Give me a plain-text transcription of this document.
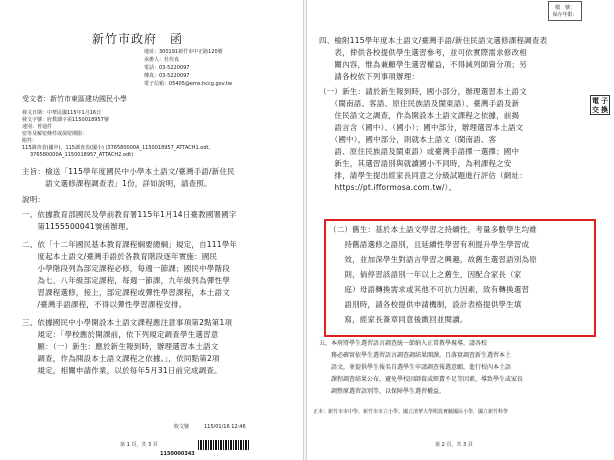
新竹市政府　函
地址：300191新竹市中正路120號
承辦人：杜佳真
電話：03-5220097
傳真：03-5220097
電子信箱：05405@ems.hccg.gov.tw
受文者：新竹市東區建功國民小學
發文日期：中華民國115年1月16日
發文字號：府教課字第1150018957號
速別：普通件
密等及解密條件或保密期限：
附件：
115調查表(國中)、115調查表(國小) (376580000A_1150018957_ATTACH1.odt、
376580000A_1150018957_ATTACH2.odt)
主旨：檢送「115學年度國民中小學本土語文/臺灣手語/新住民
　　　語文選修課程調查表」1份，詳如說明，請查照。
說明：
一、依據教育部國民及學前教育署115年1月14日臺教國署國字
　　第1155500041號函辦理。
二、依「十二年國民基本教育課程綱要總綱」規定，自111學年
　　度起本土語文/臺灣手語於各教育階段逐年實施：國民
　　小學階段列為部定課程必修，每週一節課；國民中學階段
　　為七、八年級部定課程，每週一節課，九年級列為彈性學
　　習課程選修，接上，部定課程或彈性學習課程，本土語文
　　/臺灣手語課程，不得以彈性學習課程安排。
三、依據國民中小學開設本土語文課程應注意事項第2點第1項
　　規定：「學校應於開課前，依下列規定調查學生選習意
　　願：（一）新生：應於新生報到時，辦理選習本土語文
　　調查，作為開設本土語文課程之依據。」，依同點第2項
　　規定，相關申請作業，以於每年5月31日前完成調查。
115/01/16 12:46
收文號
1150000343
第 1 頁，共 3 頁
四、檢附115學年度本土語文/臺灣手語/新住民語文選修課程調查表
　　表，俾供各校提供學生選習參考，並可依實際需求修改相
　　關內容，惟為兼顧學生選習權益，不得減列師資分項；另
　　請各校依下列事項辦理：
（一）新生：請於新生報到時，國小部分，辦理選習本土語文
　　（閩南語、客語、原住民族語及閩東語）、臺灣手語及新
　　住民語文之調查，作為開設本土語文課程之依據，前揭
　　語言含（國中）、（國小）；國中部分，辦理選習本土語文
　　（國中），國中部分，則就本土語文（閩南語、客
　　語、原住民族語及閩東語）或臺灣手語擇一選擇；國中
　　新生，其選習語別與就讀國小不同時，為利課程之安
　　排，請學生提出經家長同意之分級試題進行評估（網址：
　　https://pt.ifformosa.com.tw/）。
（二）舊生：基於本土語文學習之持續性，考量多數學生均維
　　持舊語選修之語別，且延續性學習有利提升學生學習成
　　效，並加深學生對語言學習之興趣，故舊生選習語別為原
　　則，倘停習該語別一年以上之舊生，因配合家長（家
　　庭）母語轉換需求或其他不可抗力因素，致有轉換選習
　　語別時，請各校提供申請機制，設計表格提供學生填
　　寫，經家長簽章同意後繳回並閱讀。
五、本府將學生選習語言調查統一節納入正常教學視導，請各校
　　務必確實依學生選習語言調查調結果開課，且落實調查新生選習本土
　　語文，並提供學生報名自選學生申請調查報選意願，進行校內本土語
　　課程調查結果公布，避免學校因師資或經費不足等因素，導致學生或家長
　　調整原選習語別等，以保障學生選習權益。
正本：新竹市市中學、新竹市市立小學、國立清華大學附設實驗國民小學，國立新竹科學
第 2 頁，共 3 頁
檔　號：
保存年限：
電 子
交 換
